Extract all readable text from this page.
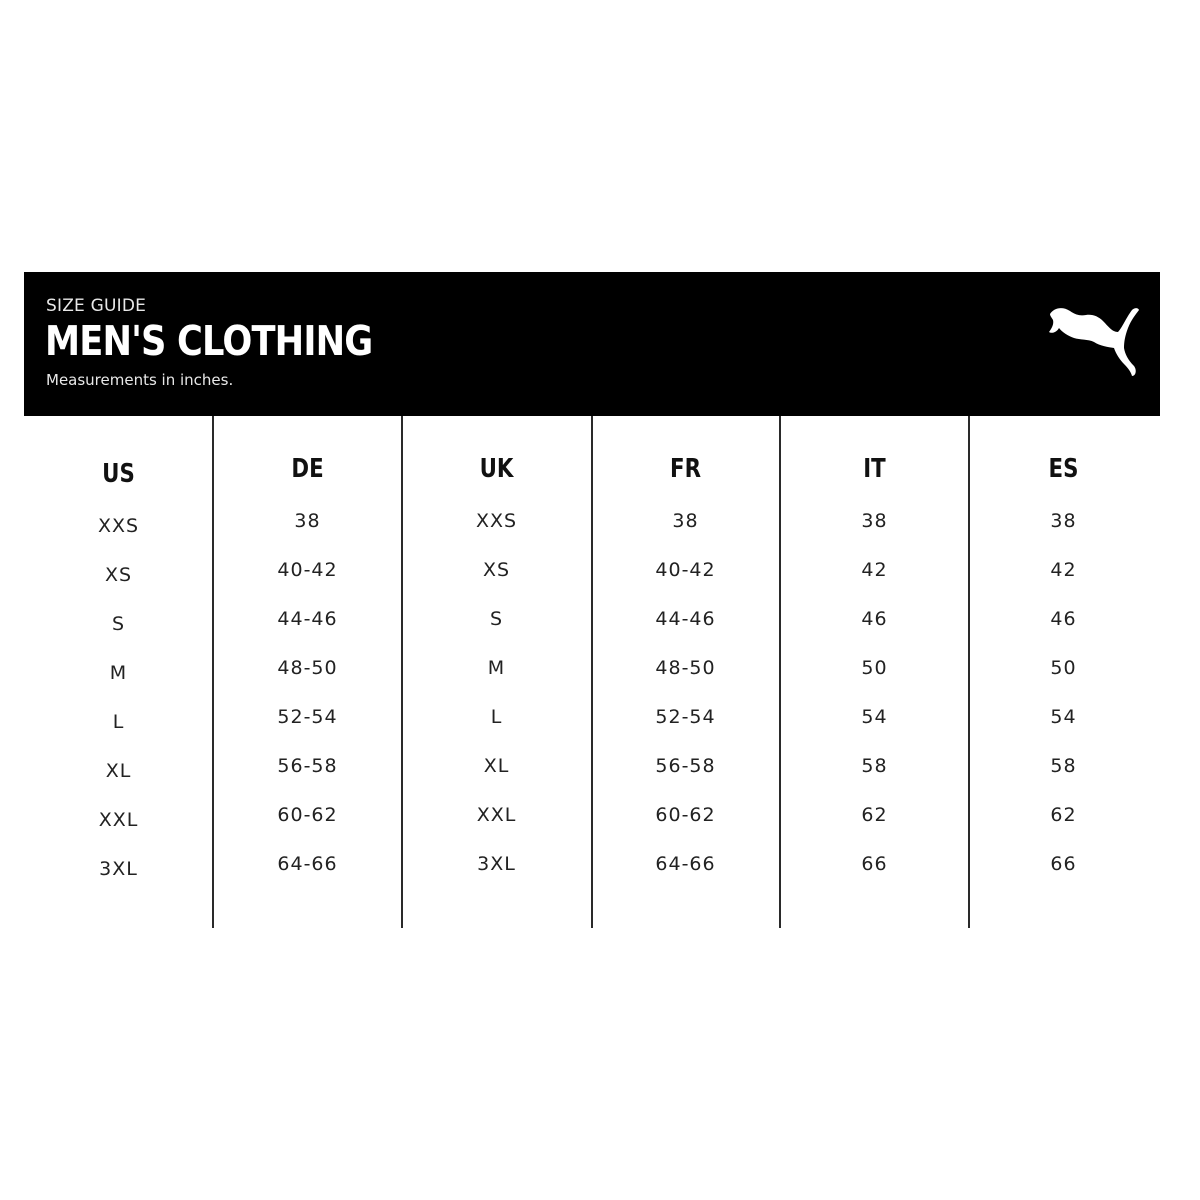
SIZE GUIDE
MEN'S CLOTHING
Measurements in inches.
US
XXS
XS
S
M
L
XL
XXL
3XL
DE
38
40-42
44-46
48-50
52-54
56-58
60-62
64-66
UK
XXS
XS
S
M
L
XL
XXL
3XL
FR
38
40-42
44-46
48-50
52-54
56-58
60-62
64-66
IT
38
42
46
50
54
58
62
66
ES
38
42
46
50
54
58
62
66
